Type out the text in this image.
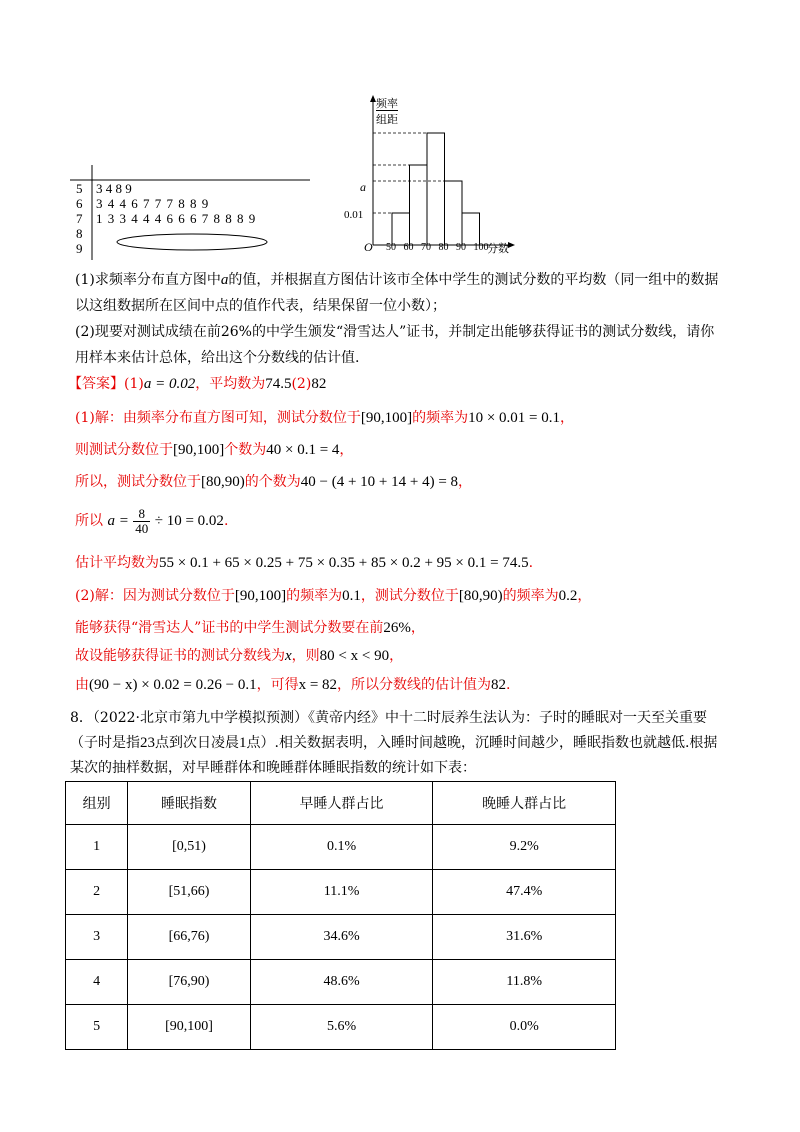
5 3 4 8 9
6 3 4 4 6 7 7 7 8 8 9
7 1 3 3 4 4 4 6 6 6 7 8 8 8 9
8
9
频率
组距
a
0.01
O 50 60 70 80 90 100
分数
(1)求频率分布直方图中a的值，并根据直方图估计该市全体中学生的测试分数的平均数（同一组中的数据
以这组数据所在区间中点的值作代表，结果保留一位小数）；
(2)现要对测试成绩在前26%的中学生颁发“滑雪达人”证书，并制定出能够获得证书的测试分数线，请你
用样本来估计总体，给出这个分数线的估计值.
【答案】(1)a = 0.02，平均数为74.5(2)82
(1)解：由频率分布直方图可知，测试分数位于[90,100]的频率为10 × 0.01 = 0.1，
则测试分数位于[90,100]个数为40 × 0.1 = 4，
所以，测试分数位于[80,90)的个数为40 − (4 + 10 + 14 + 4) = 8，
所以 $a = \frac{8}{40} \div 10 = 0.02$.
估计平均数为55 × 0.1 + 65 × 0.25 + 75 × 0.35 + 85 × 0.2 + 95 × 0.1 = 74.5.
(2)解：因为测试分数位于[90,100]的频率为0.1，测试分数位于[80,90)的频率为0.2，
能够获得“滑雪达人”证书的中学生测试分数要在前26%，
故设能够获得证书的测试分数线为x，则80 < x < 90，
由(90 − x) × 0.02 = 0.26 − 0.1，可得x = 82，所以分数线的估计值为82.
8．（2022·北京市第九中学模拟预测）《黄帝内经》中十二时辰养生法认为：子时的睡眠对一天至关重要
（子时是指23点到次日凌晨1点）.相关数据表明，入睡时间越晚，沉睡时间越少，睡眠指数也就越低.根据
某次的抽样数据，对早睡群体和晚睡群体睡眠指数的统计如下表：
组别	睡眠指数	早睡人群占比	晚睡人群占比
1	[0,51)	0.1%	9.2%
2	[51,66)	11.1%	47.4%
3	[66,76)	34.6%	31.6%
4	[76,90)	48.6%	11.8%
5	[90,100]	5.6%	0.0%
